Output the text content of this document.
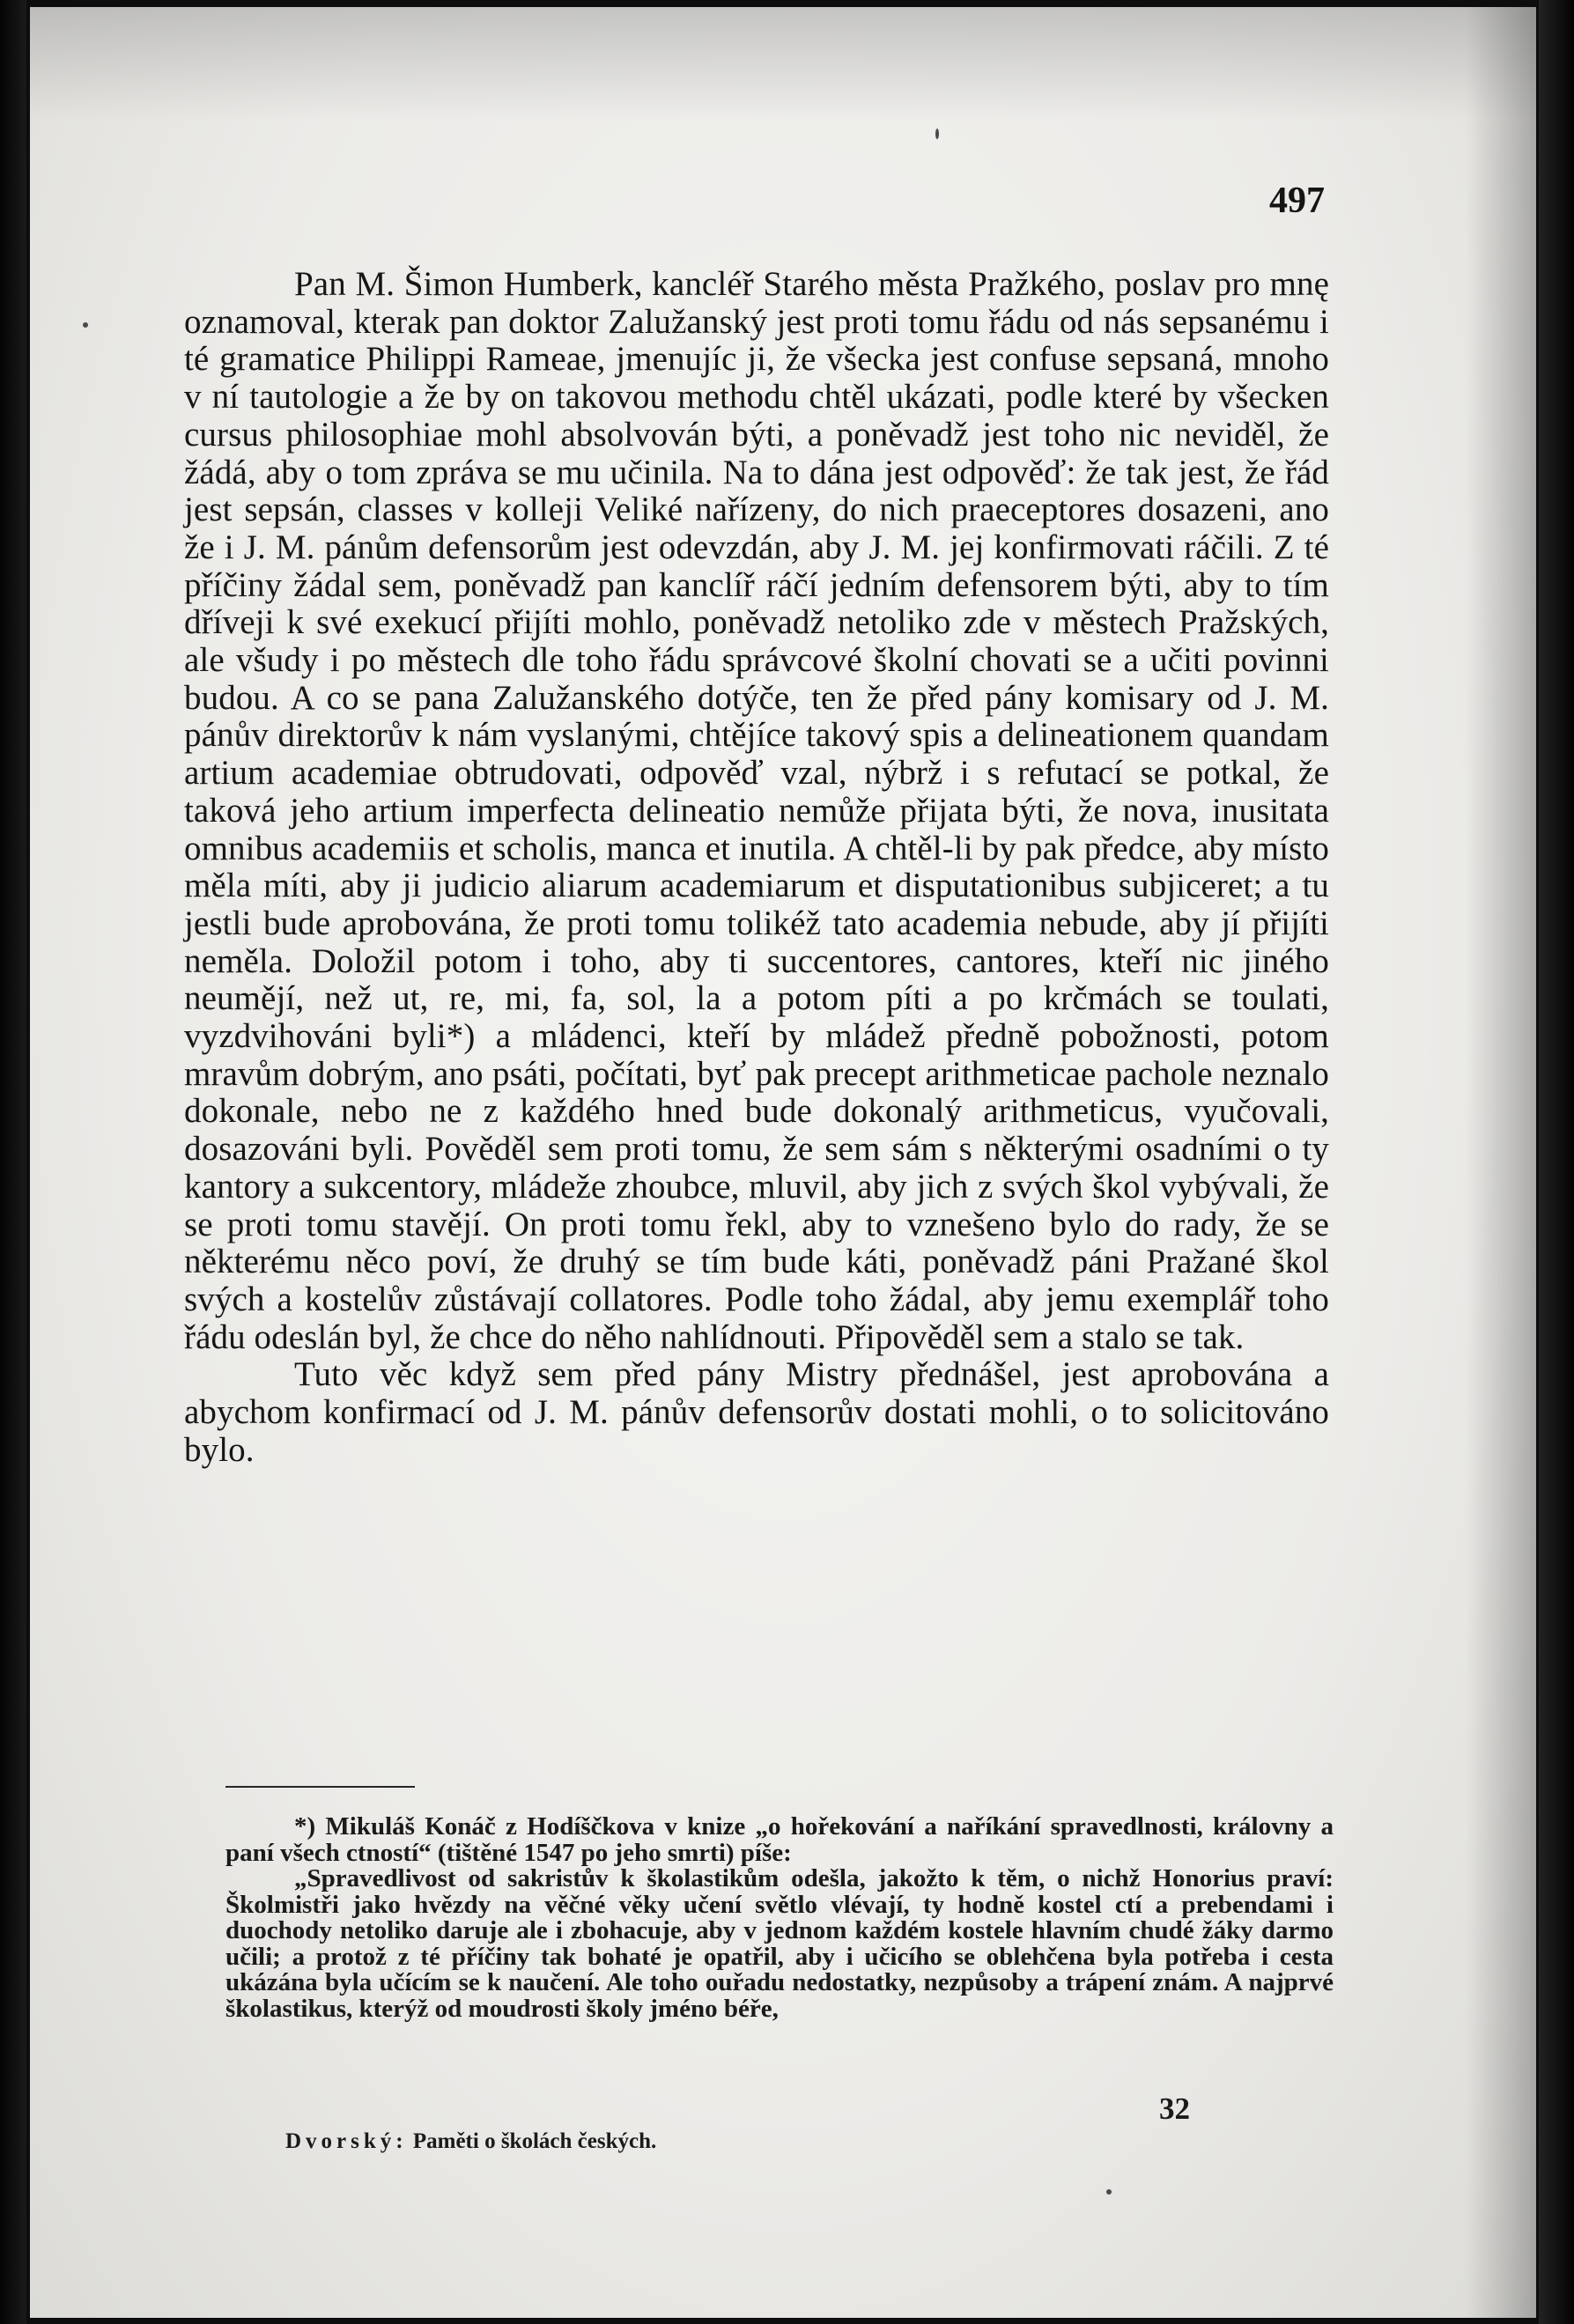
497

Pan M. Šimon Humberk, kancléř Starého města Pražkého, poslav pro mnę oznamoval, kterak pan doktor Zalužanský jest proti tomu řádu od nás sepsanému i té gramatice Philippi Rameae, jmenujíc ji, že všecka jest confuse sepsaná, mnoho v ní tautologie a že by on takovou methodu chtěl ukázati, podle které by všecken cursus philosophiae mohl absolvován býti, a poněvadž jest toho nic neviděl, že žádá, aby o tom zpráva se mu učinila. Na to dána jest odpověď: že tak jest, že řád jest sepsán, classes v kolleji Veliké nařízeny, do nich praeceptores dosazeni, ano že i J. M. pánům defensorům jest odevzdán, aby J. M. jej konfirmovati ráčili. Z té příčiny žádal sem, poněvadž pan kanclíř ráčí jedním defensorem býti, aby to tím dříveji k své exekucí přijíti mohlo, poněvadž netoliko zde v městech Pražských, ale všudy i po městech dle toho řádu správcové školní chovati se a učiti povinni budou. A co se pana Zalužanského dotýče, ten že před pány komisary od J. M. pánův direktorův k nám vyslanými, chtějíce takový spis a delineationem quandam artium academiae obtrudovati, odpověď vzal, nýbrž i s refutací se potkal, že taková jeho artium imperfecta delineatio nemůže přijata býti, že nova, inusitata omnibus academiis et scholis, manca et inutila. A chtěl-li by pak předce, aby místo měla míti, aby ji judicio aliarum academiarum et disputationibus subjiceret; a tu jestli bude aprobována, že proti tomu tolikéž tato academia nebude, aby jí přijíti neměla. Doložil potom i toho, aby ti succentores, cantores, kteří nic jiného neumějí, než ut, re, mi, fa, sol, la a potom píti a po krčmách se toulati, vyzdvihováni byli*) a mládenci, kteří by mládež předně pobožnosti, potom mravům dobrým, ano psáti, počítati, byť pak precept arithmeticae pachole neznalo dokonale, nebo ne z každého hned bude dokonalý arithmeticus, vyučovali, dosazováni byli. Pověděl sem proti tomu, že sem sám s některými osadními o ty kantory a sukcentory, mládeže zhoubce, mluvil, aby jich z svých škol vybývali, že se proti tomu stavějí. On proti tomu řekl, aby to vznešeno bylo do rady, že se některému něco poví, že druhý se tím bude káti, poněvadž páni Pražané škol svých a kostelův zůstávají collatores. Podle toho žádal, aby jemu exemplář toho řádu odeslán byl, že chce do něho nahlídnouti. Připověděl sem a stalo se tak.

Tuto věc když sem před pány Mistry přednášel, jest aprobována a abychom konfirmací od J. M. pánův defensorův dostati mohli, o to solicitováno bylo.

*) Mikuláš Konáč z Hodíščkova v knize „o hořekování a naříkání spravedlnosti, královny a paní všech ctností“ (tištěné 1547 po jeho smrti) píše:

„Spravedlivost od sakristův k školastikům odešla, jakožto k těm, o nichž Honorius praví: Školmistři jako hvězdy na věčné věky učení světlo vlévají, ty hodně kostel ctí a prebendami i duochody netoliko daruje ale i zbohacuje, aby v jednom každém kostele hlavním chudé žáky darmo učili; a protož z té příčiny tak bohaté je opatřil, aby i učicího se oblehčena byla potřeba i cesta ukázána byla učícím se k naučení. Ale toho ouřadu nedostatky, nezpůsoby a trápení znám. A najprvé školastikus, kterýž od moudrosti školy jméno béře,

32
Dvorský: Paměti o školách českých.
